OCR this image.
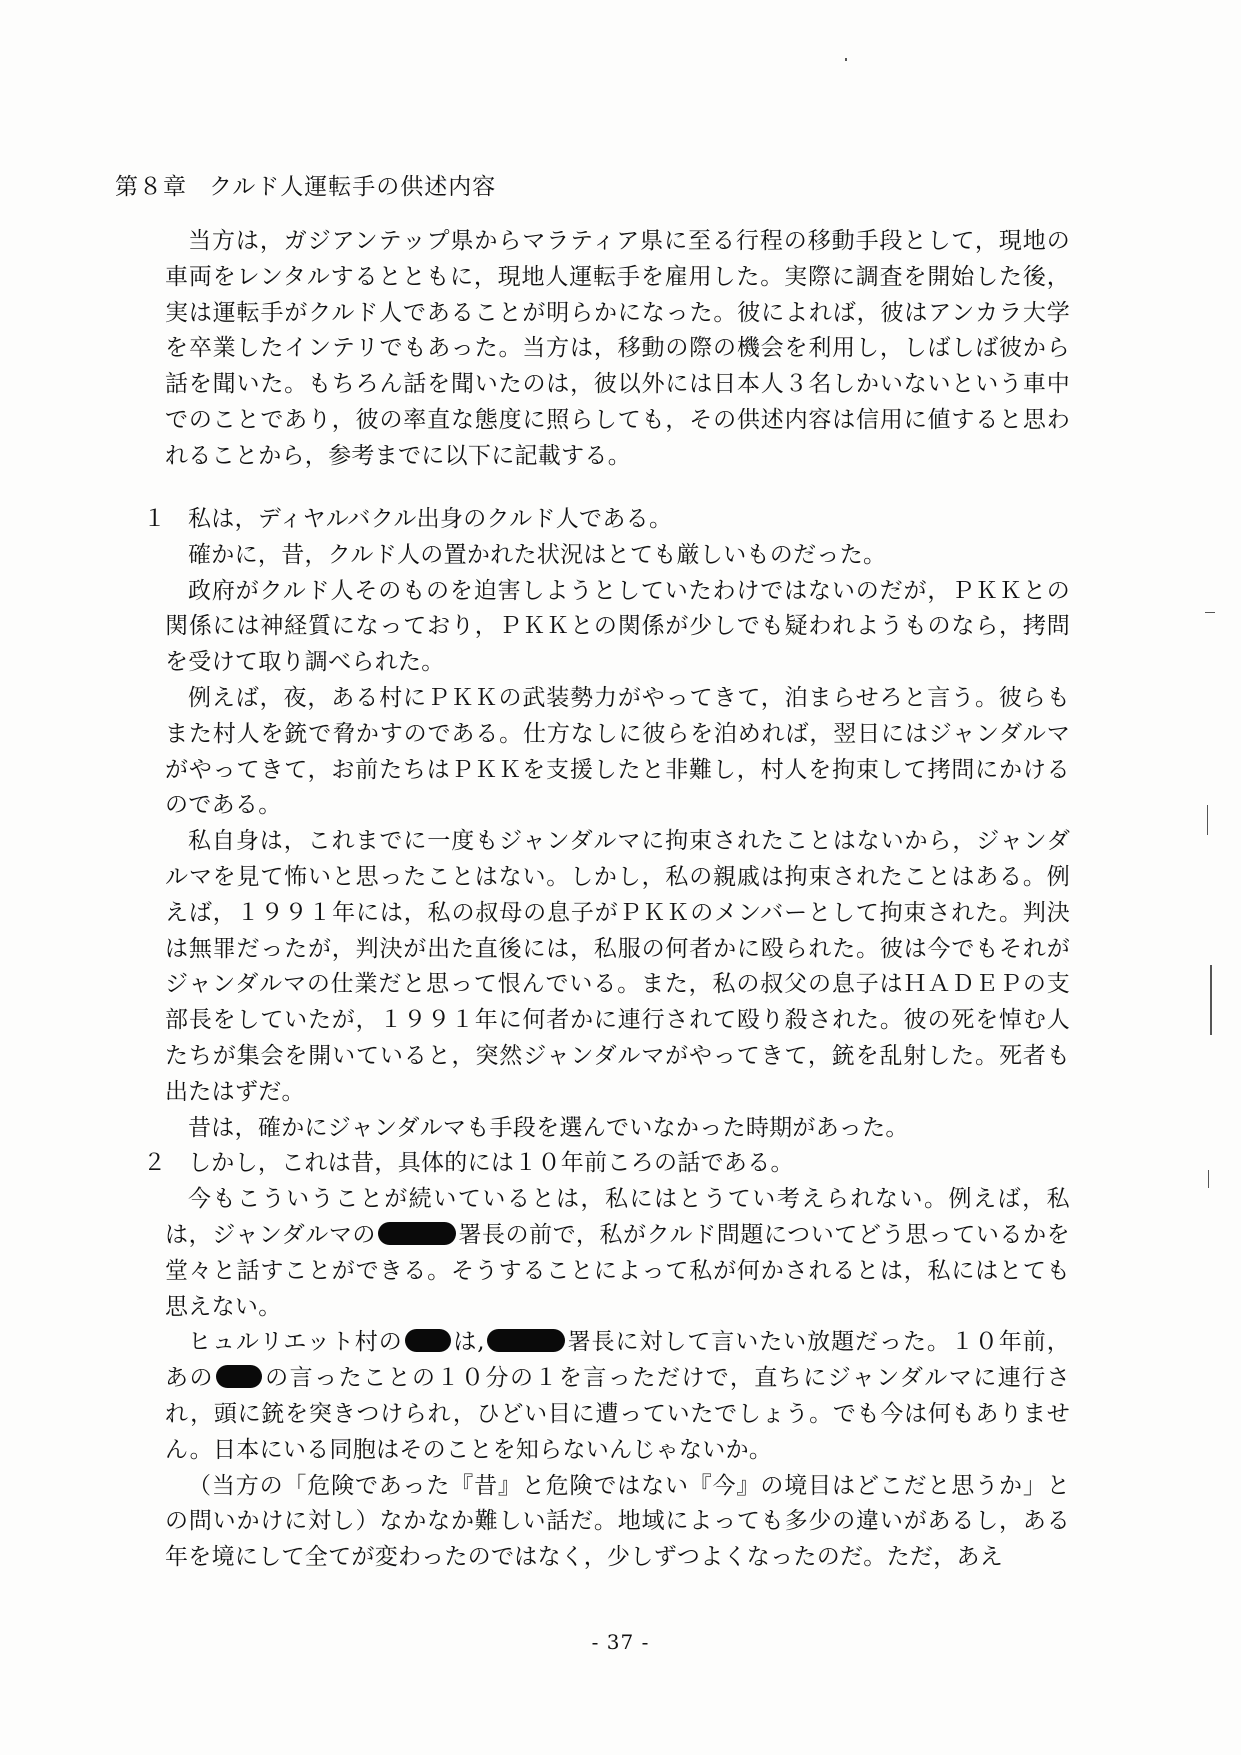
第８章 クルド人運転手の供述内容

当方は，ガジアンテップ県からマラティア県に至る行程の移動手段として，現地の車両をレンタルするとともに，現地人運転手を雇用した。実際に調査を開始した後，実は運転手がクルド人であることが明らかになった。彼によれば，彼はアンカラ大学を卒業したインテリでもあった。当方は，移動の際の機会を利用し，しばしば彼から話を聞いた。もちろん話を聞いたのは，彼以外には日本人３名しかいないという車中でのことであり，彼の率直な態度に照らしても，その供述内容は信用に値すると思われることから，参考までに以下に記載する。

１ 私は，ディヤルバクル出身のクルド人である。

確かに，昔，クルド人の置かれた状況はとても厳しいものだった。

政府がクルド人そのものを迫害しようとしていたわけではないのだが，ＰＫＫとの関係には神経質になっており，ＰＫＫとの関係が少しでも疑われようものなら，拷問を受けて取り調べられた。

例えば，夜，ある村にＰＫＫの武装勢力がやってきて，泊まらせろと言う。彼らもまた村人を銃で脅かすのである。仕方なしに彼らを泊めれば，翌日にはジャンダルマがやってきて，お前たちはＰＫＫを支援したと非難し，村人を拘束して拷問にかけるのである。

私自身は，これまでに一度もジャンダルマに拘束されたことはないから，ジャンダルマを見て怖いと思ったことはない。しかし，私の親戚は拘束されたことはある。例えば，１９９１年には，私の叔母の息子がＰＫＫのメンバーとして拘束された。判決は無罪だったが，判決が出た直後には，私服の何者かに殴られた。彼は今でもそれがジャンダルマの仕業だと思って恨んでいる。また，私の叔父の息子はＨＡＤＥＰの支部長をしていたが，１９９１年に何者かに連行されて殴り殺された。彼の死を悼む人たちが集会を開いていると，突然ジャンダルマがやってきて，銃を乱射した。死者も出たはずだ。

昔は，確かにジャンダルマも手段を選んでいなかった時期があった。

２ しかし，これは昔，具体的には１０年前ころの話である。

今もこういうことが続いているとは，私にはとうてい考えられない。例えば，私は，ジャンダルマの	署長の前で，私がクルド問題についてどう思っているかを堂々と話すことができる。そうすることによって私が何かされるとは，私にはとても思えない。

ヒュルリエット村の は,	署長に対して言いたい放題だった。１０年前，あの の言ったことの１０分の１を言っただけで，直ちにジャンダルマに連行され，頭に銃を突きつけられ，ひどい目に遭っていたでしょう。でも今は何もありません。日本にいる同胞はそのことを知らないんじゃないか。

（当方の「危険であった『昔』と危険ではない『今』の境目はどこだと思うか」との問いかけに対し）なかなか難しい話だ。地域によっても多少の違いがあるし，ある年を境にして全てが変わったのではなく，少しずつよくなったのだ。ただ，あえ

- 37 -
